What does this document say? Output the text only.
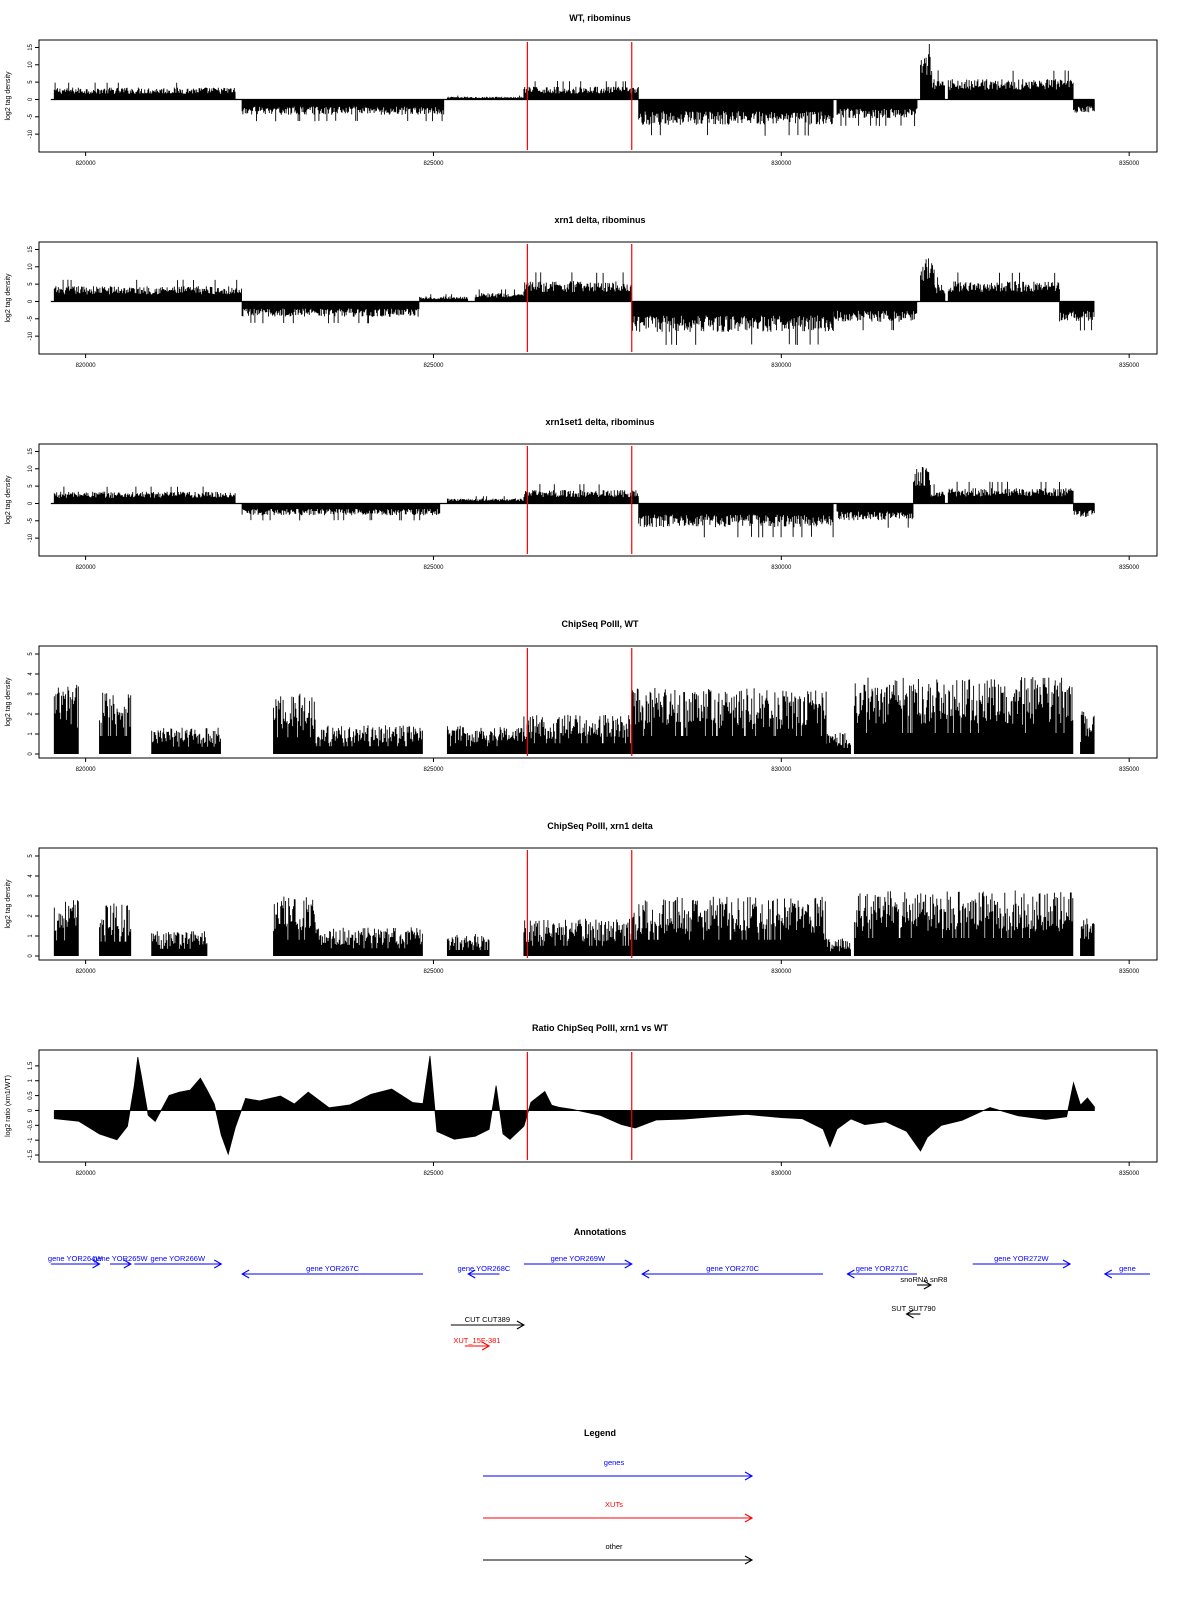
WT, ribominus
820000	825000	830000	835000
-10
-5
0
5
10
15
log2 tag density
xrn1 delta, ribominus
820000	825000	830000	835000
-10
-5
0
5
10
15
log2 tag density
xrn1set1 delta, ribominus
820000	825000	830000	835000
-10
-5
0
5
10
15
log2 tag density
ChipSeq PolII, WT
820000	825000	830000	835000
0
1
2
3
4
5
log2 tag density
ChipSeq PolII, xrn1 delta
820000	825000	830000	835000
0
1
2
3
4
5
log2 tag density
Ratio ChipSeq PolII, xrn1 vs WT
820000	825000	830000	835000
-1.5
-1
-0.5
0
0.5
1
1.5
log2 ratio (xrn1/WT)
Annotations
gene YOR264W
gene YOR265W gene YOR266W
gene YOR267C	gene YOR268C
gene YOR269W
gene YOR270C	gene YOR271C
gene YOR272W
gene
snoRNA snR8
SUT SUT790
CUT CUT389
XUT_15F-381
Legend
genes
XUTs
other
